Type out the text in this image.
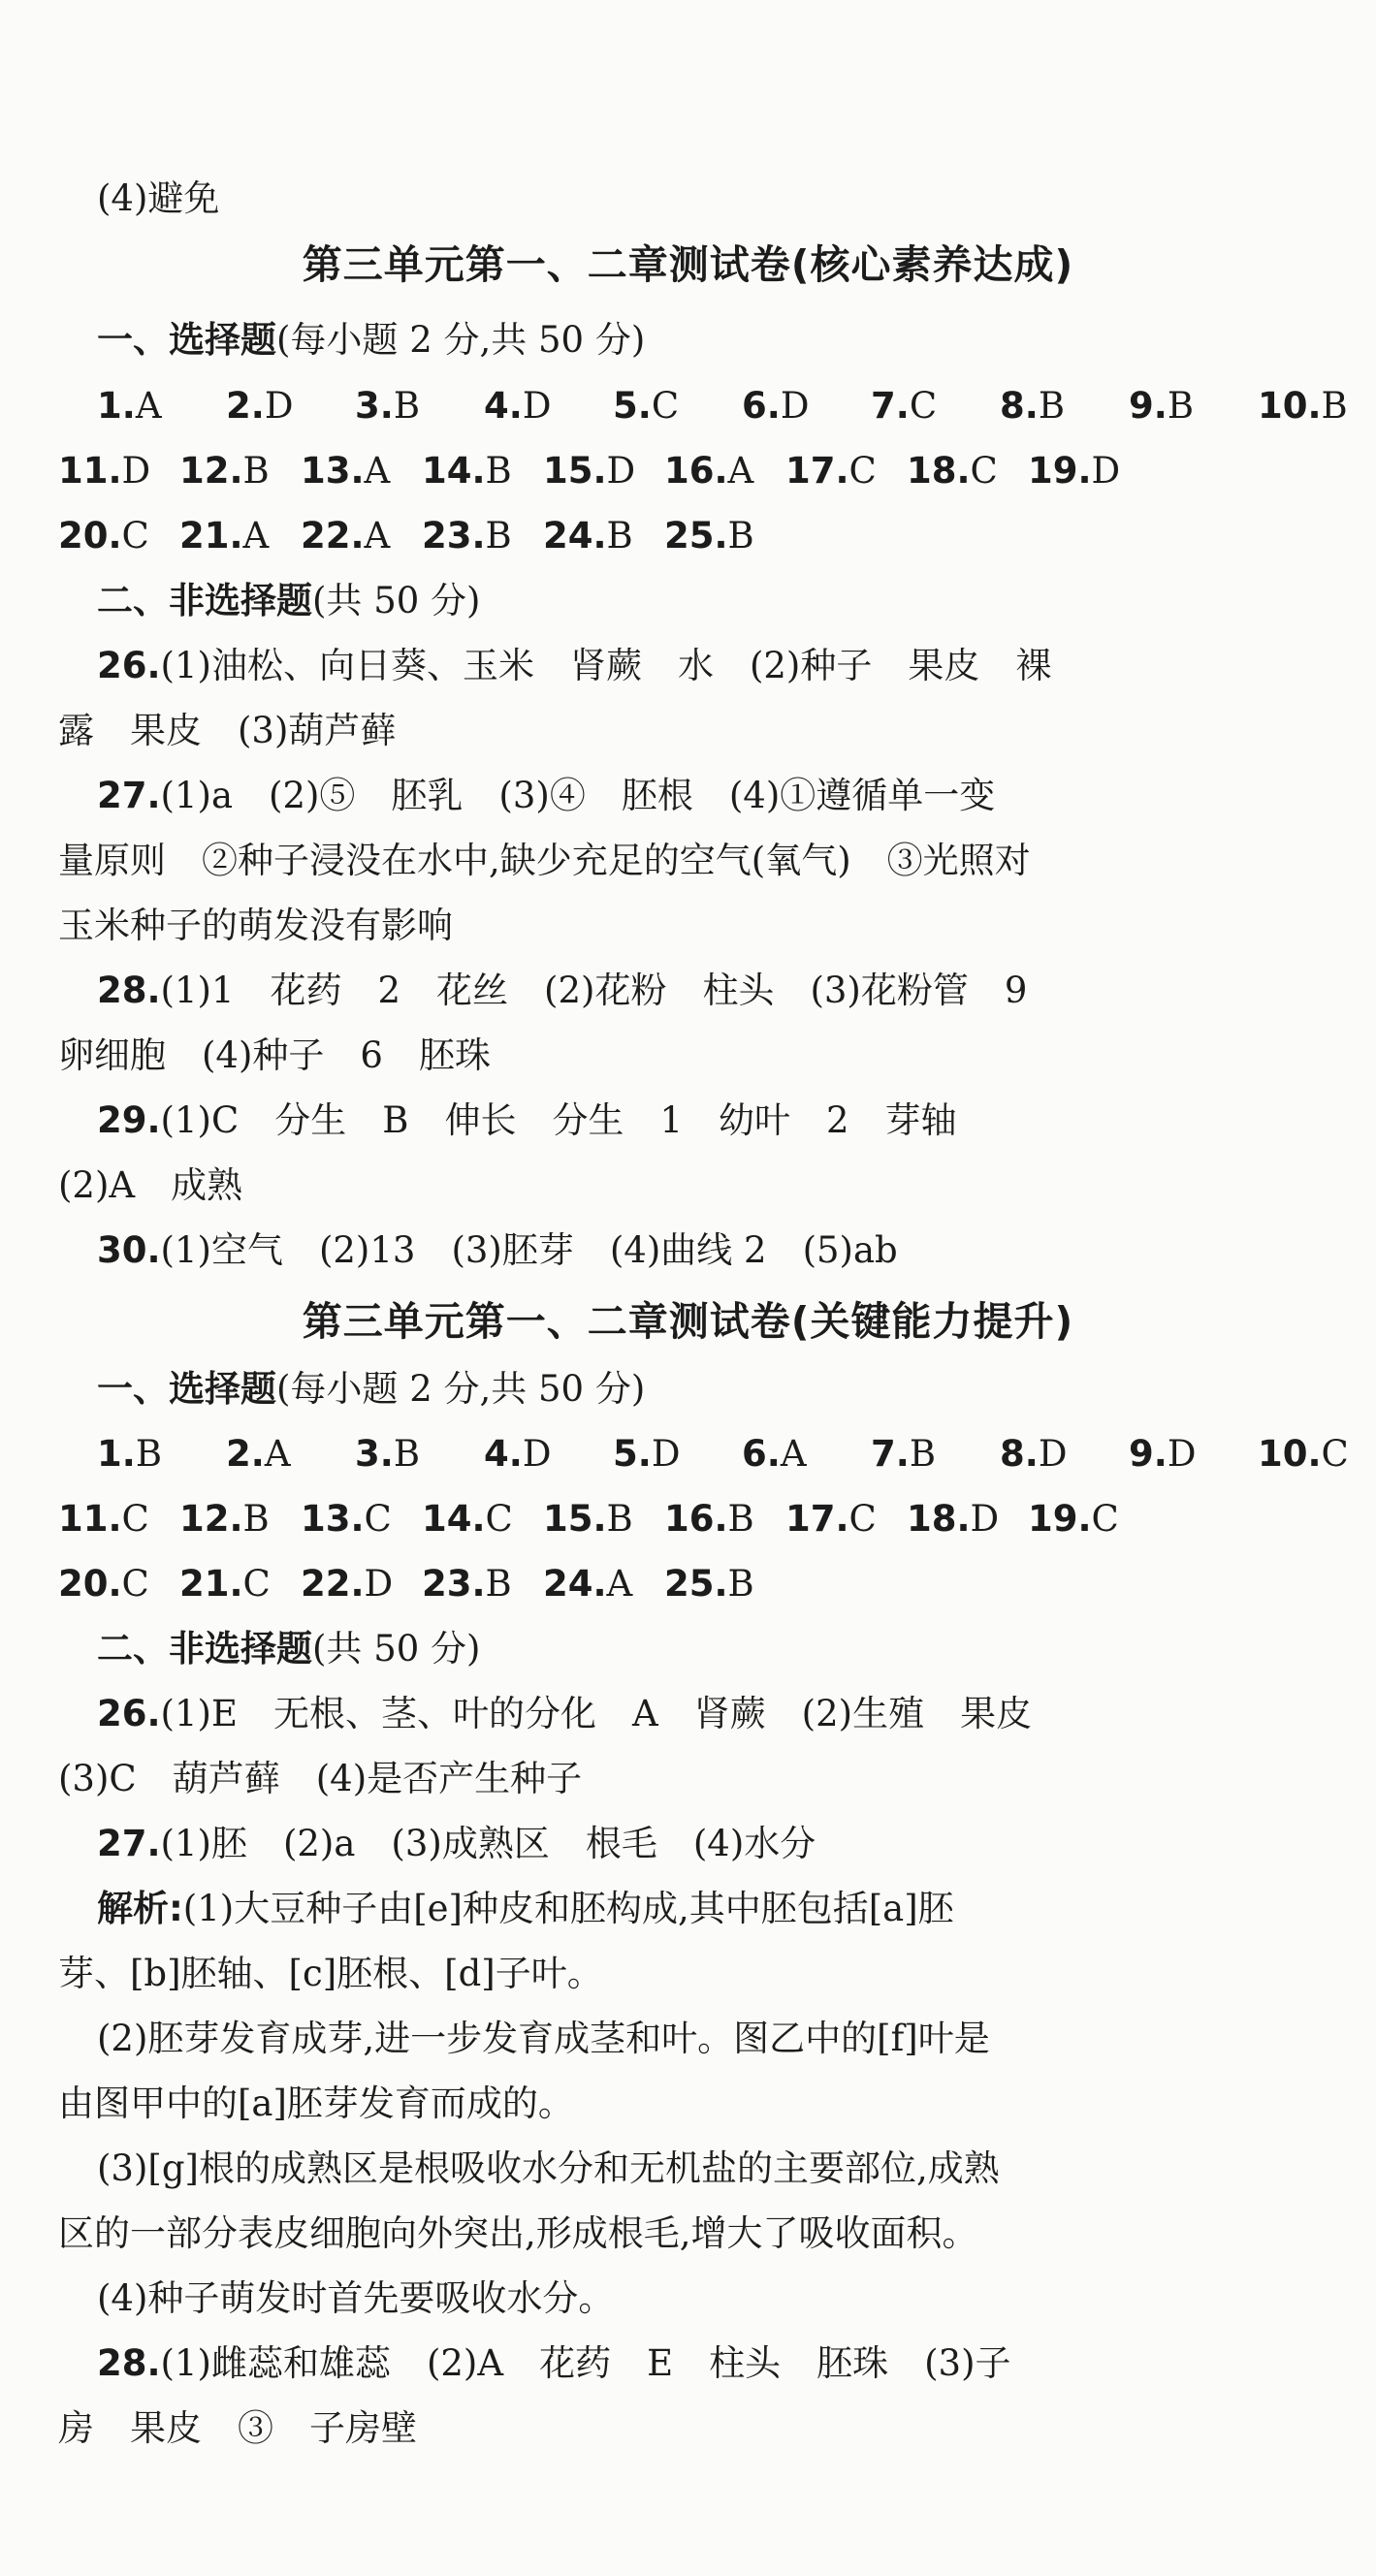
(4)避免
第三单元第一、二章测试卷(核心素养达成)
一、选择题(每小题 2 分,共 50 分)
1.A 2.D 3.B 4.D 5.C 6.D 7.C 8.B 9.B 10.B
11.D 12.B 13.A 14.B 15.D 16.A 17.C 18.C 19.D
20.C 21.A 22.A 23.B 24.B 25.B
二、非选择题(共 50 分)
26.(1)油松、向日葵、玉米　肾蕨　水　(2)种子　果皮　裸
露　果皮　(3)葫芦藓
27.(1)a　(2)⑤　胚乳　(3)④　胚根　(4)①遵循单一变
量原则　②种子浸没在水中,缺少充足的空气(氧气)　③光照对
玉米种子的萌发没有影响
28.(1)1　花药　2　花丝　(2)花粉　柱头　(3)花粉管　9
卵细胞　(4)种子　6　胚珠
29.(1)C　分生　B　伸长　分生　1　幼叶　2　芽轴
(2)A　成熟
30.(1)空气　(2)13　(3)胚芽　(4)曲线 2　(5)ab
第三单元第一、二章测试卷(关键能力提升)
一、选择题(每小题 2 分,共 50 分)
1.B 2.A 3.B 4.D 5.D 6.A 7.B 8.D 9.D 10.C
11.C 12.B 13.C 14.C 15.B 16.B 17.C 18.D 19.C
20.C 21.C 22.D 23.B 24.A 25.B
二、非选择题(共 50 分)
26.(1)E　无根、茎、叶的分化　A　肾蕨　(2)生殖　果皮
(3)C　葫芦藓　(4)是否产生种子
27.(1)胚　(2)a　(3)成熟区　根毛　(4)水分
解析:(1)大豆种子由[e]种皮和胚构成,其中胚包括[a]胚
芽、[b]胚轴、[c]胚根、[d]子叶。
(2)胚芽发育成芽,进一步发育成茎和叶。图乙中的[f]叶是
由图甲中的[a]胚芽发育而成的。
(3)[g]根的成熟区是根吸收水分和无机盐的主要部位,成熟
区的一部分表皮细胞向外突出,形成根毛,增大了吸收面积。
(4)种子萌发时首先要吸收水分。
28.(1)雌蕊和雄蕊　(2)A　花药　E　柱头　胚珠　(3)子
房　果皮　③　子房壁
